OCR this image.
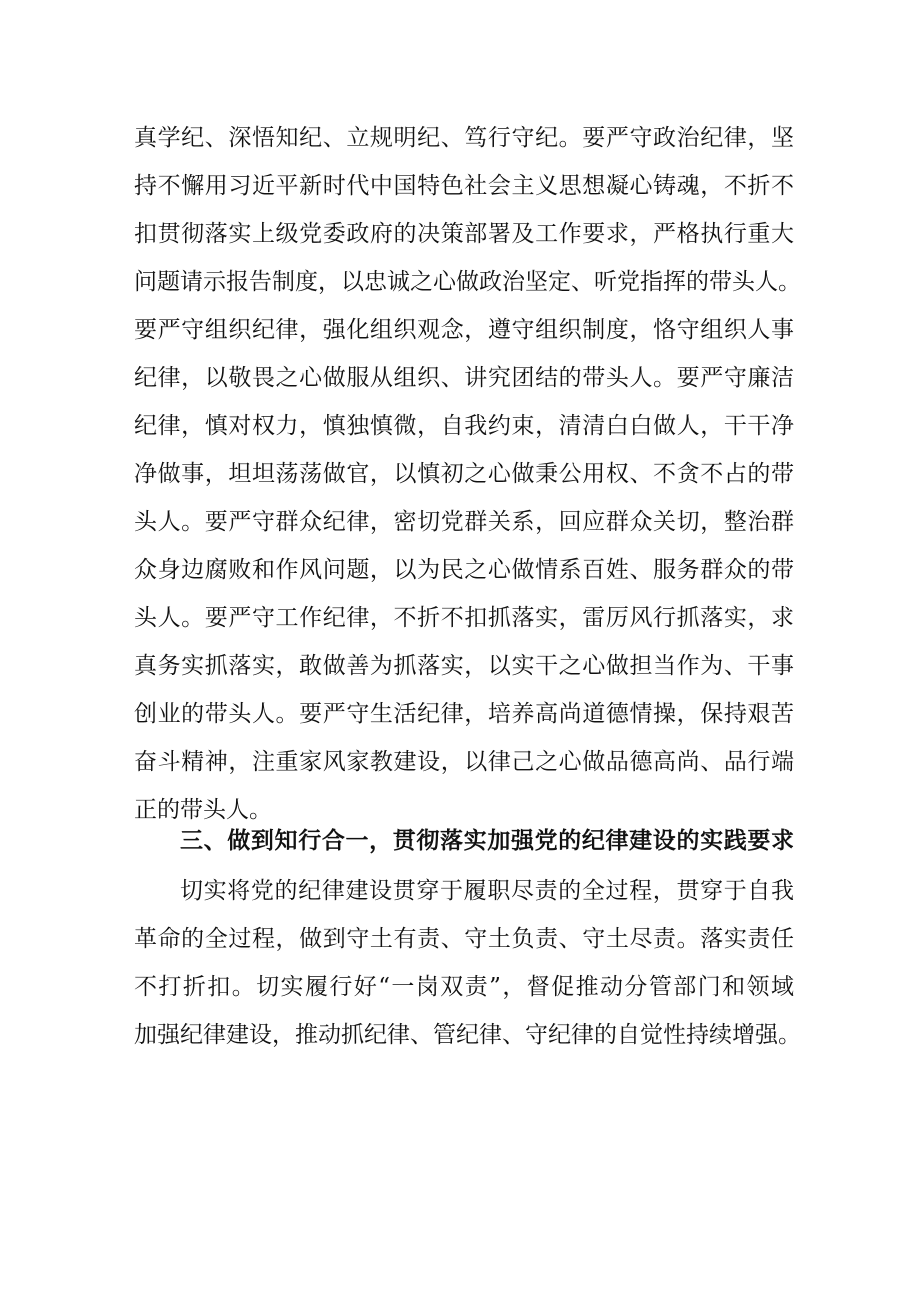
真学纪、深悟知纪、立规明纪、笃行守纪。要严守政治纪律，坚
持不懈用习近平新时代中国特色社会主义思想凝心铸魂，不折不
扣贯彻落实上级党委政府的决策部署及工作要求，严格执行重大
问题请示报告制度，以忠诚之心做政治坚定、听党指挥的带头人。
要严守组织纪律，强化组织观念，遵守组织制度，恪守组织人事
纪律，以敬畏之心做服从组织、讲究团结的带头人。要严守廉洁
纪律，慎对权力，慎独慎微，自我约束，清清白白做人，干干净
净做事，坦坦荡荡做官，以慎初之心做秉公用权、不贪不占的带
头人。要严守群众纪律，密切党群关系，回应群众关切，整治群
众身边腐败和作风问题，以为民之心做情系百姓、服务群众的带
头人。要严守工作纪律，不折不扣抓落实，雷厉风行抓落实，求
真务实抓落实，敢做善为抓落实，以实干之心做担当作为、干事
创业的带头人。要严守生活纪律，培养高尚道德情操，保持艰苦
奋斗精神，注重家风家教建设，以律己之心做品德高尚、品行端
正的带头人。
三、做到知行合一，贯彻落实加强党的纪律建设的实践要求
切实将党的纪律建设贯穿于履职尽责的全过程，贯穿于自我
革命的全过程，做到守土有责、守土负责、守土尽责。落实责任
不打折扣。切实履行好“一岗双责”，督促推动分管部门和领域
加强纪律建设，推动抓纪律、管纪律、守纪律的自觉性持续增强。
